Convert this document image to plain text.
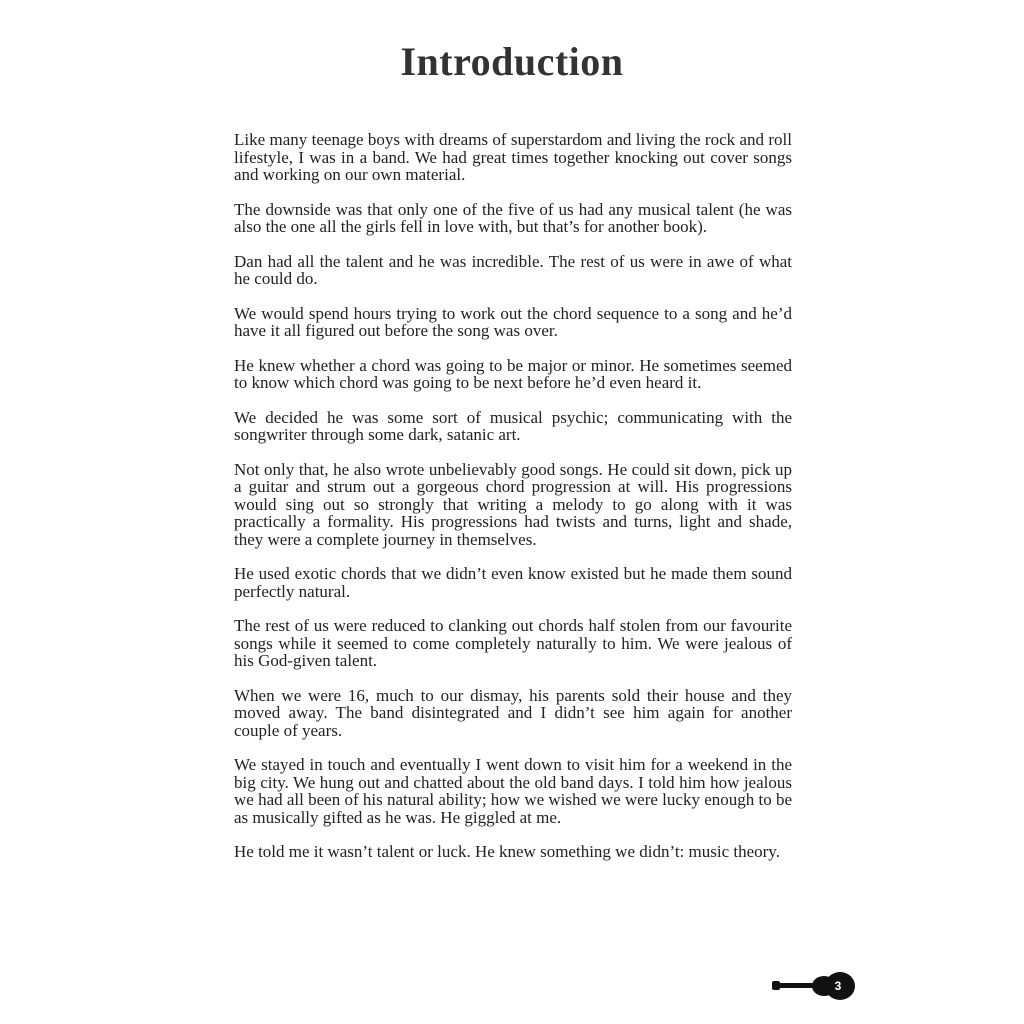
Introduction

Like many teenage boys with dreams of superstardom and living the rock and roll lifestyle, I was in a band. We had great times together knocking out cover songs and working on our own material.

The downside was that only one of the five of us had any musical talent (he was also the one all the girls fell in love with, but that’s for another book).

Dan had all the talent and he was incredible. The rest of us were in awe of what he could do.

We would spend hours trying to work out the chord sequence to a song and he’d have it all figured out before the song was over.

He knew whether a chord was going to be major or minor. He sometimes seemed to know which chord was going to be next before he’d even heard it.

We decided he was some sort of musical psychic; communicating with the songwriter through some dark, satanic art.

Not only that, he also wrote unbelievably good songs. He could sit down, pick up a guitar and strum out a gorgeous chord progression at will. His progressions would sing out so strongly that writing a melody to go along with it was practically a formality. His progressions had twists and turns, light and shade, they were a complete journey in themselves.

He used exotic chords that we didn’t even know existed but he made them sound perfectly natural.

The rest of us were reduced to clanking out chords half stolen from our favourite songs while it seemed to come completely naturally to him. We were jealous of his God-given talent.

When we were 16, much to our dismay, his parents sold their house and they moved away. The band disintegrated and I didn’t see him again for another couple of years.

We stayed in touch and eventually I went down to visit him for a weekend in the big city. We hung out and chatted about the old band days. I told him how jealous we had all been of his natural ability; how we wished we were lucky enough to be as musically gifted as he was. He giggled at me.

He told me it wasn’t talent or luck. He knew something we didn’t: music theory.

3
